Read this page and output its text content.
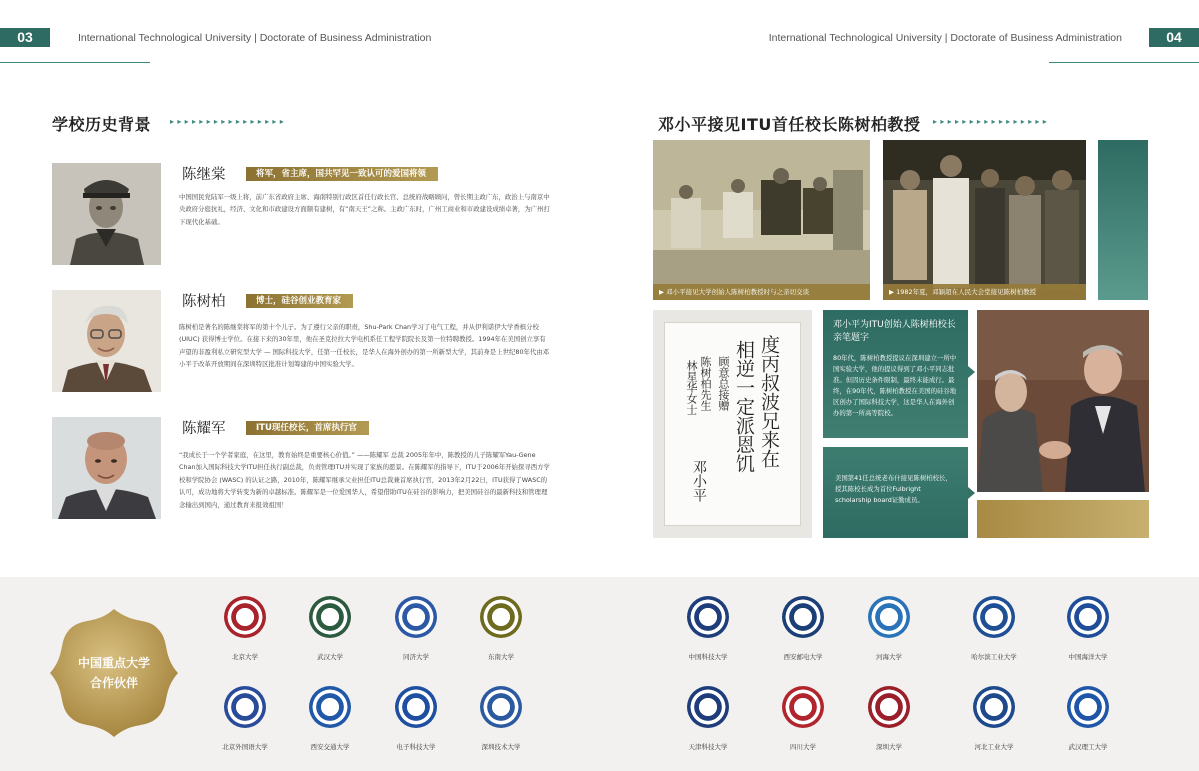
03	International Technological University | Doctorate of Business Administration	04
International Technological University | Doctorate of Business Administration
学校历史背景 ▸▸▸▸▸▸▸▸▸▸▸▸▸▸▸▸
陈继棠	将军，省主席，国共罕见一致认可的爱国将领
中国国民党陆军一级上将，前广东省政府主席、海南特别行政区首任行政长官、总统府战略顾问，曾长期主政广东，政治上与南京中央政府分庭抗礼，经济、文化和市政建设方面颇有建树，有“南天王”之称。主政广东时，广州工商业和市政建设成绩卓著，为广州打下现代化基础。
陈树柏	博士，硅谷创业教育家
陈树柏是著名的陈继棠将军的第十个儿子。为了遵行父亲的职责，Shu-Park Chan学习了电气工程，并从伊利诺伊大学香槟分校 (UIUC) 获得博士学位。在接下来的30年里，他在圣克拉拉大学电机系任工程学院院长及第一位特聘教授。1994年在美国创立享有声望的非盈利私立研究型大学 — 国际科技大学，任第一任校长，是华人在海外创办的第一所新型大学，其前身是上世纪80年代由邓小平于改革开放期间在深圳特区批准计划筹建的中国实验大学。
陈耀军	ITU现任校长，首席执行官
“我成长于一个学者家庭，在这里，教育始终是重要核心价值。” ——陈耀军 总裁 2005年年中，陈教授的儿子陈耀军Yau-Gene Chan加入国际科技大学ITU担任执行副总裁，负责管理ITU并实现了家族的愿景。在陈耀军的指导下，ITU于2006年开始探寻西方学校和学院协会 (WASC) 的认证之路，2010年，陈耀军继承父业担任ITU总裁兼首席执行官，2013年2月22日，ITU获得了WASC的认可，成功地将大学转变为新的卓越标准。陈耀军是一位爱国华人，希望借助ITU在硅谷的影响力，把美国硅谷的最新科技和管理理念输出到国内，通过教育来报效祖国！
邓小平接见ITU首任校长陈树柏教授 ▸▸▸▸▸▸▸▸▸▸▸▸▸▸▸▸
▶ 邓小平接见大学创始人陈树柏教授时与之亲切交谈	▶ 1982年夏，邓颖超在人民大会堂接见陈树柏教授
度丙叔波兄来在
相逆一定派恩饥
陈树柏先生
林星华女士 顾意总接赠
邓小平
邓小平为ITU创始人陈树柏校长亲笔题字
80年代，陈树柏教授提议在深圳建立一所中国实验大学，他的提议得到了邓小平同志批准。但因历史条件限制，最终未能成行。最终，在90年代，陈树柏教授在美国的硅谷地区创办了国际科技大学，这是华人在海外创办的第一所高等院校。
美国第41任总统老布什接见陈树柏校长，授其陈校长成为首位Fulbright scholarship board证勤成员。
中国重点大学
合作伙伴
北京大学	武汉大学	同济大学	东南大学	中国科技大学	西安邮电大学	河海大学	哈尔滨工业大学	中国海洋大学
北京外国语大学	西安交通大学	电子科技大学	深圳技术大学	天津科技大学	四川大学	深圳大学	河北工业大学	武汉理工大学
